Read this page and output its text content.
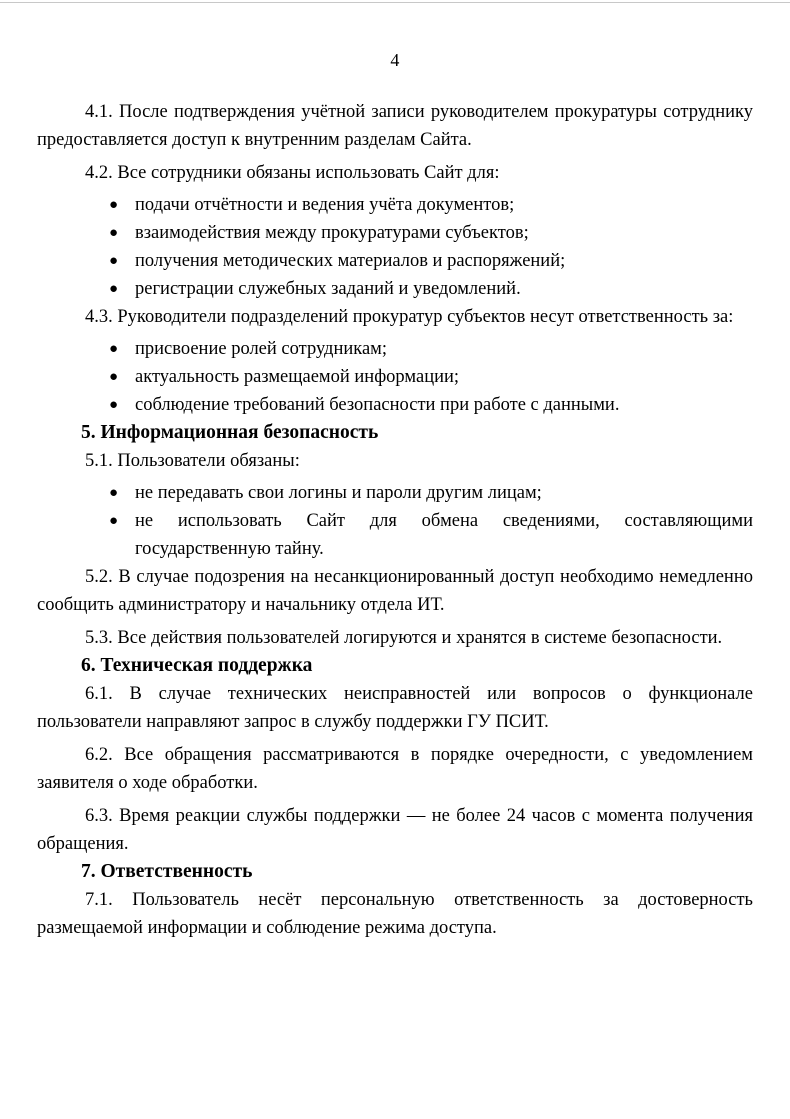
4

4.1. После подтверждения учётной записи руководителем прокуратуры сотруднику предоставляется доступ к внутренним разделам Сайта.

4.2. Все сотрудники обязаны использовать Сайт для:

● подачи отчётности и ведения учёта документов;
● взаимодействия между прокуратурами субъектов;
● получения методических материалов и распоряжений;
● регистрации служебных заданий и уведомлений.

4.3. Руководители подразделений прокуратур субъектов несут ответственность за:

● присвоение ролей сотрудникам;
● актуальность размещаемой информации;
● соблюдение требований безопасности при работе с данными.
5. Информационная безопасность

5.1. Пользователи обязаны:

● не передавать свои логины и пароли другим лицам;
● не использовать Сайт для обмена сведениями, составляющими государственную тайну.

5.2. В случае подозрения на несанкционированный доступ необходимо немедленно сообщить администратору и начальнику отдела ИТ.

5.3. Все действия пользователей логируются и хранятся в системе безопасности.

6. Техническая поддержка

6.1. В случае технических неисправностей или вопросов о функционале пользователи направляют запрос в службу поддержки ГУ ПСИТ.

6.2. Все обращения рассматриваются в порядке очередности, с уведомлением заявителя о ходе обработки.

6.3. Время реакции службы поддержки — не более 24 часов с момента получения обращения.

7. Ответственность

7.1. Пользователь несёт персональную ответственность за достоверность размещаемой информации и соблюдение режима доступа.
